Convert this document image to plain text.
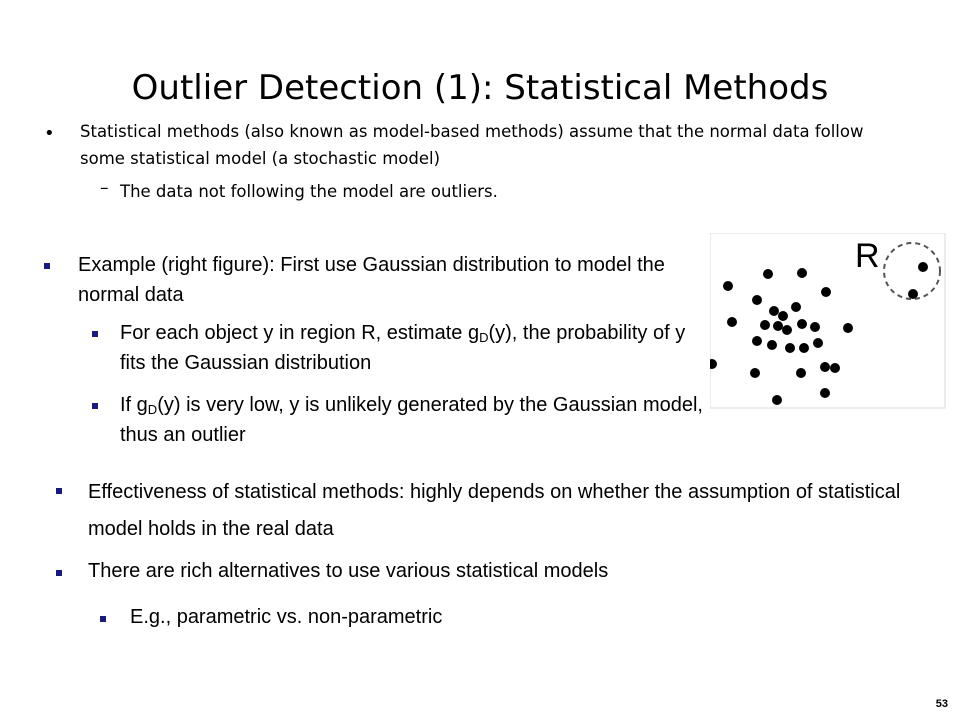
Outlier Detection (1): Statistical Methods
• Statistical methods (also known as model-based methods) assume that the normal data follow some statistical model (a stochastic model)
– The data not following the model are outliers.
Example (right figure): First use Gaussian distribution to model the normal data
For each object y in region R, estimate $g_D(y)$, the probability of y fits the Gaussian distribution
If $g_D(y)$ is very low, y is unlikely generated by the Gaussian model, thus an outlier
Effectiveness of statistical methods: highly depends on whether the assumption of statistical model holds in the real data
There are rich alternatives to use various statistical models
E.g., parametric vs. non-parametric
R
53
